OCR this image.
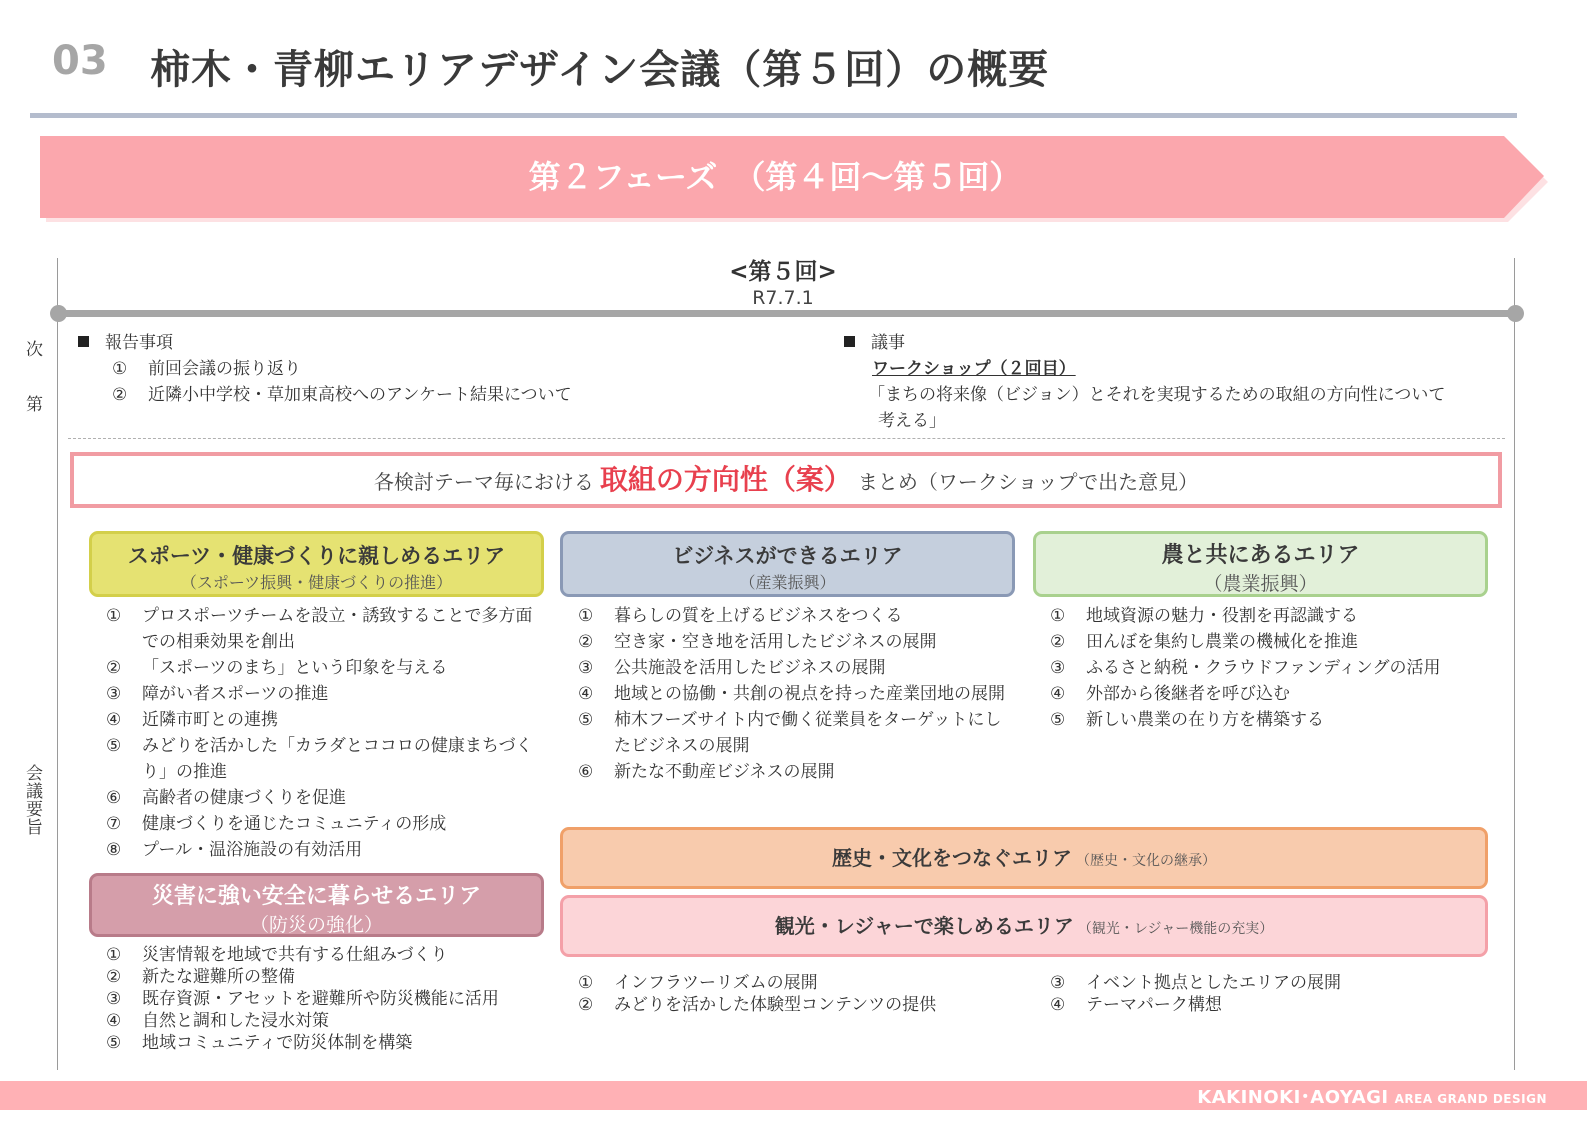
03 柿木・青柳エリアデザイン会議（第５回）の概要
第２フェーズ　（第４回～第５回）
<第５回>
R7.7.1
次
第
会
議
要
旨
報告事項
① 前回会議の振り返り
② 近隣小中学校・草加東高校へのアンケート結果について
議事
ワークショップ（２回目）
「まちの将来像（ビジョン）とそれを実現するための取組の方向性について
考える」
各検討テーマ毎における 取組の方向性（案） まとめ（ワークショップで出た意見）
スポーツ・健康づくりに親しめるエリア
（スポーツ振興・健康づくりの推進）
① プロスポーツチームを設立・誘致することで多方面での相乗効果を創出
② 「スポーツのまち」という印象を与える
③ 障がい者スポーツの推進
④ 近隣市町との連携
⑤ みどりを活かした「カラダとココロの健康まちづくり」の推進
⑥ 高齢者の健康づくりを促進
⑦ 健康づくりを通じたコミュニティの形成
⑧ プール・温浴施設の有効活用
災害に強い安全に暮らせるエリア
（防災の強化）
① 災害情報を地域で共有する仕組みづくり
② 新たな避難所の整備
③ 既存資源・アセットを避難所や防災機能に活用
④ 自然と調和した浸水対策
⑤ 地域コミュニティで防災体制を構築
ビジネスができるエリア
（産業振興）
① 暮らしの質を上げるビジネスをつくる
② 空き家・空き地を活用したビジネスの展開
③ 公共施設を活用したビジネスの展開
④ 地域との協働・共創の視点を持った産業団地の展開
⑤ 柿木フーズサイト内で働く従業員をターゲットにしたビジネスの展開
⑥ 新たな不動産ビジネスの展開
農と共にあるエリア
（農業振興）
① 地域資源の魅力・役割を再認識する
② 田んぼを集約し農業の機械化を推進
③ ふるさと納税・クラウドファンディングの活用
④ 外部から後継者を呼び込む
⑤ 新しい農業の在り方を構築する
歴史・文化をつなぐエリア （歴史・文化の継承）
観光・レジャーで楽しめるエリア （観光・レジャー機能の充実）
① インフラツーリズムの展開
② みどりを活かした体験型コンテンツの提供
③ イベント拠点としたエリアの展開
④ テーマパーク構想
KAKINOKI･AOYAGI AREA GRAND DESIGN
